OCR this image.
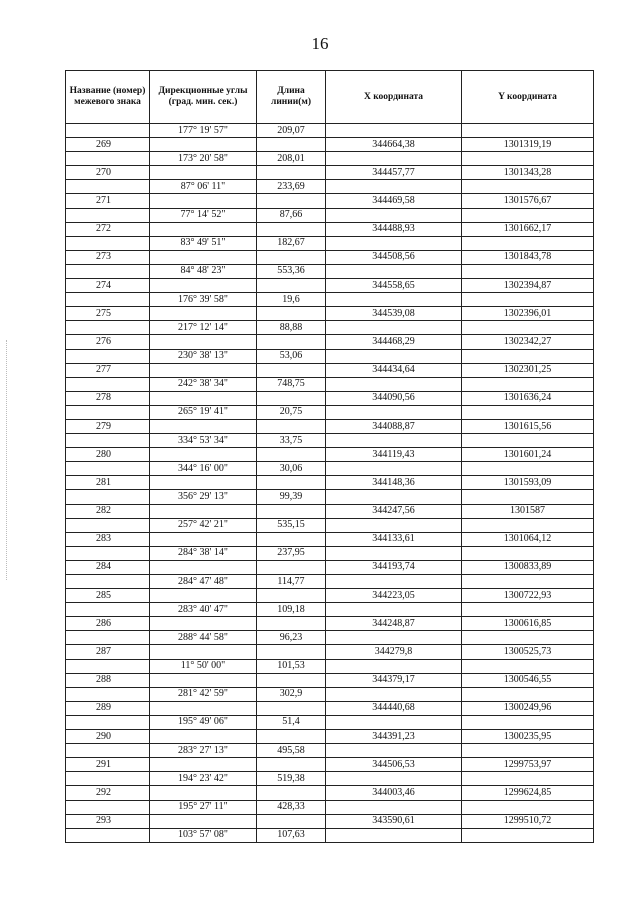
16
Название (номер) межевого знака	Дирекционные углы (град. мин. сек.)	Длина линии(м)	X координата	Y координата
	177° 19' 57"	209,07		
269			344664,38	1301319,19
	173° 20' 58"	208,01		
270			344457,77	1301343,28
	87° 06' 11"	233,69		
271			344469,58	1301576,67
	77° 14' 52"	87,66		
272			344488,93	1301662,17
	83° 49' 51"	182,67		
273			344508,56	1301843,78
	84° 48' 23"	553,36		
274			344558,65	1302394,87
	176° 39' 58"	19,6		
275			344539,08	1302396,01
	217° 12' 14"	88,88		
276			344468,29	1302342,27
	230° 38' 13"	53,06		
277			344434,64	1302301,25
	242° 38' 34"	748,75		
278			344090,56	1301636,24
	265° 19' 41"	20,75		
279			344088,87	1301615,56
	334° 53' 34"	33,75		
280			344119,43	1301601,24
	344° 16' 00"	30,06		
281			344148,36	1301593,09
	356° 29' 13"	99,39		
282			344247,56	1301587
	257° 42' 21"	535,15		
283			344133,61	1301064,12
	284° 38' 14"	237,95		
284			344193,74	1300833,89
	284° 47' 48"	114,77		
285			344223,05	1300722,93
	283° 40' 47"	109,18		
286			344248,87	1300616,85
	288° 44' 58"	96,23		
287			344279,8	1300525,73
	11° 50' 00"	101,53		
288			344379,17	1300546,55
	281° 42' 59"	302,9		
289			344440,68	1300249,96
	195° 49' 06"	51,4		
290			344391,23	1300235,95
	283° 27' 13"	495,58		
291			344506,53	1299753,97
	194° 23' 42"	519,38		
292			344003,46	1299624,85
	195° 27' 11"	428,33		
293			343590,61	1299510,72
	103° 57' 08"	107,63		
